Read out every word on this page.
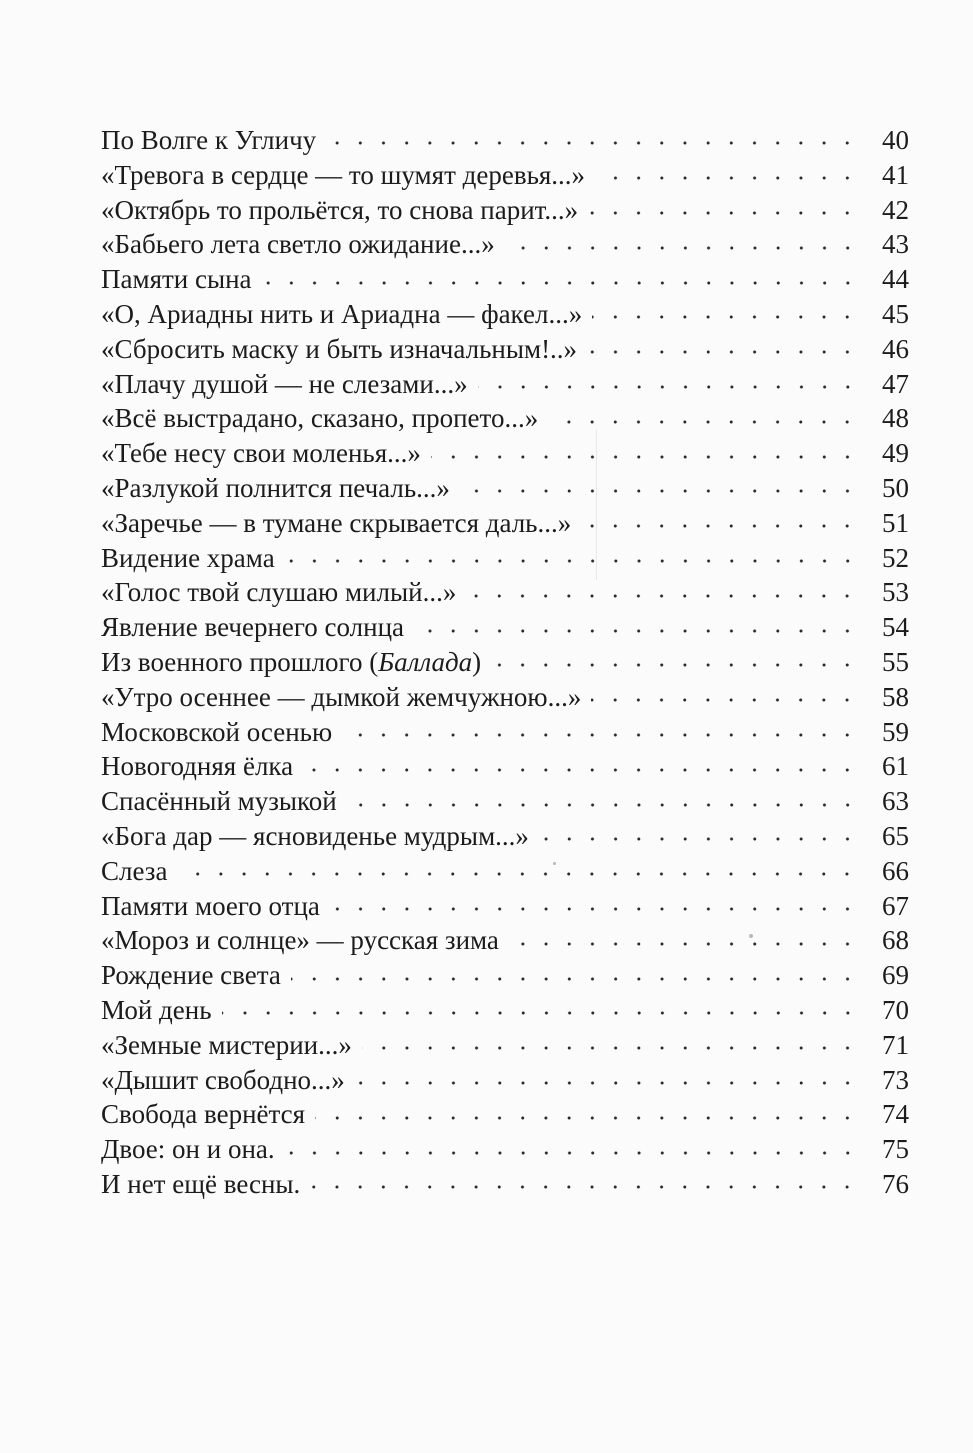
По Волге к Угличу	40
«Тревога в сердце — то шумят деревья...»	41
«Октябрь то прольётся, то снова парит...»	42
«Бабьего лета светло ожидание...»	43
Памяти сына	44
«О, Ариадны нить и Ариадна — факел...»	45
«Сбросить маску и быть изначальным!..»	46
«Плачу душой — не слезами...»	47
«Всё выстрадано, сказано, пропето...»	48
«Тебе несу свои моленья...»	49
«Разлукой полнится печаль...»	50
«Заречье — в тумане скрывается даль...»	51
Видение храма	52
«Голос твой слушаю милый...»	53
Явление вечернего солнца	54
Из военного прошлого (Баллада)	55
«Утро осеннее — дымкой жемчужною...»	58
Московской осенью	59
Новогодняя ёлка	61
Спасённый музыкой	63
«Бога дар — ясновиденье мудрым...»	65
Слеза	66
Памяти моего отца	67
«Мороз и солнце» — русская зима	68
Рождение света	69
Мой день	70
«Земные мистерии...»	71
«Дышит свободно...»	73
Свобода вернётся	74
Двое: он и она.	75
И нет ещё весны.	76
